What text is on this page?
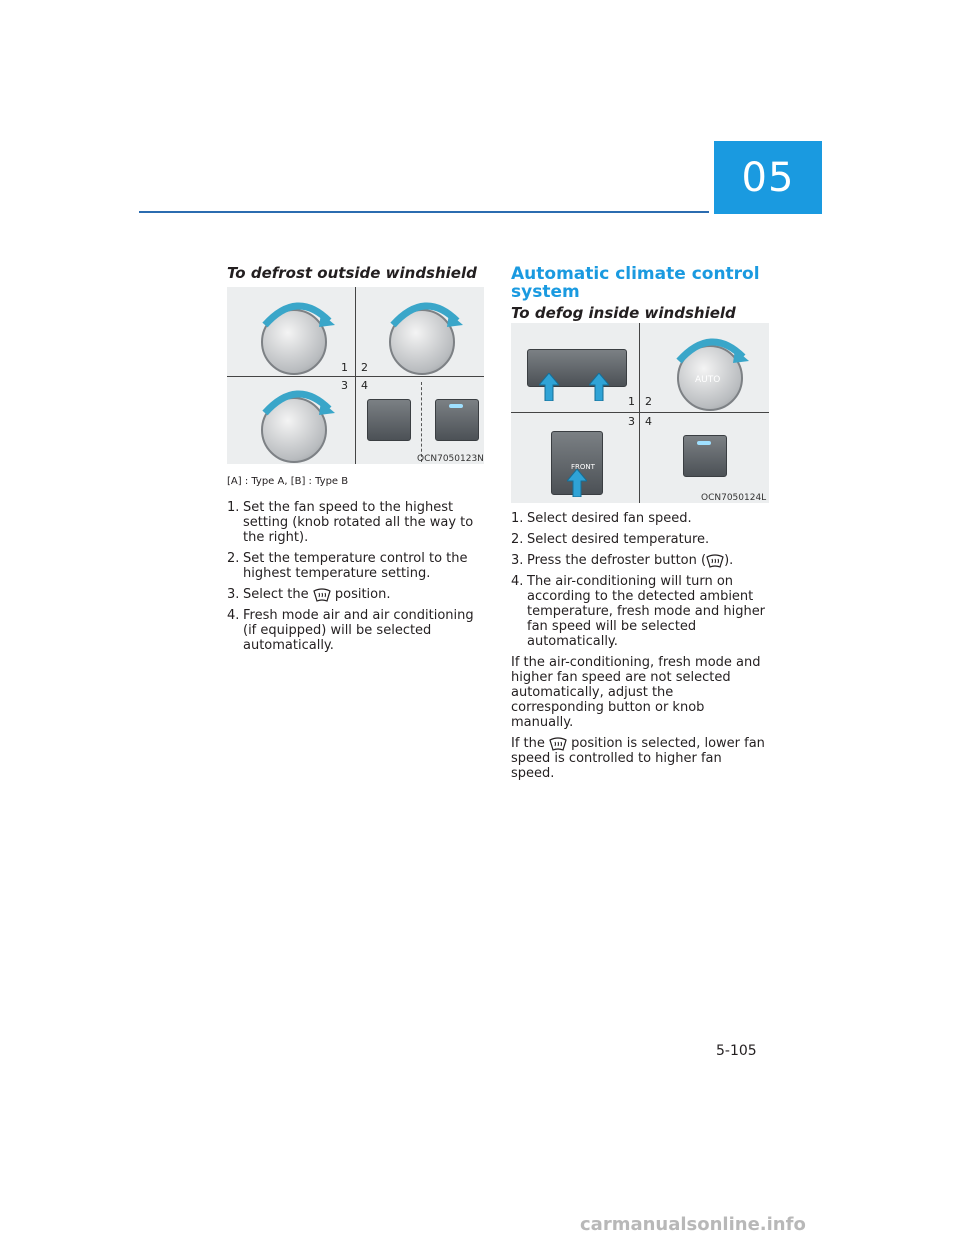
05
To defrost outside windshield
1 2
3 4
OCN7050123N

[A] : Type A, [B] : Type B

1. Set the fan speed to the highest setting (knob rotated all the way to the right).
2. Set the temperature control to the highest temperature setting.
3. Select the position.
4. Fresh mode air and air conditioning (if equipped) will be selected automatically.
Automatic climate control system
To defog inside windshield
AUTO
FRONT
1 2
3 4
OCN7050124L
1. Select desired fan speed.
2. Select desired temperature.
3. Press the defroster button ( ).
4. The air-conditioning will turn on according to the detected ambient temperature, fresh mode and higher fan speed will be selected automatically.

If the air-conditioning, fresh mode and higher fan speed are not selected automatically, adjust the corresponding button or knob manually.

If the position is selected, lower fan speed is controlled to higher fan speed.

5-105
carmanualsonline.info
